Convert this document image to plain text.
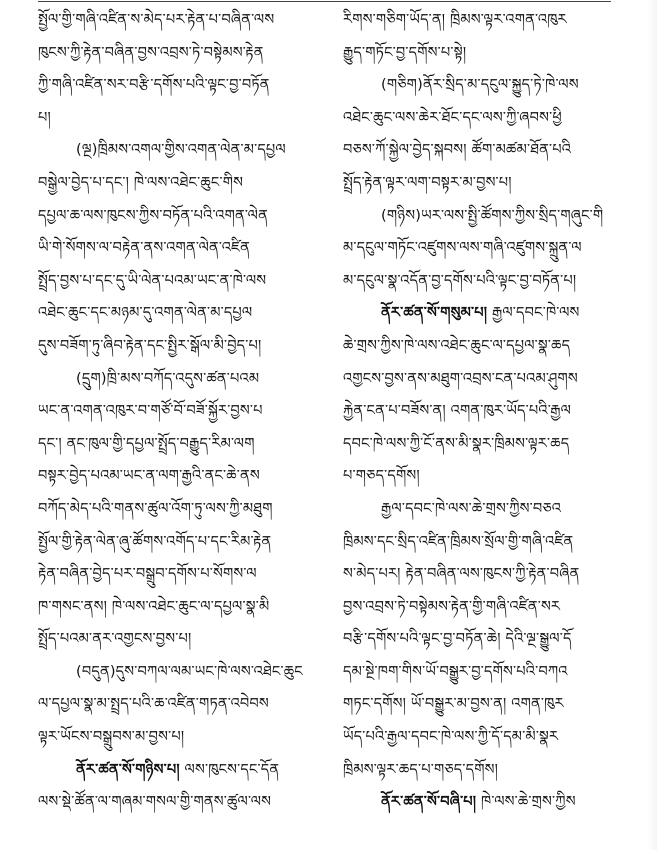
སྤྱོལ་གྱི་གཞི་འཛིན་ས་མེད་པར་རྟེན་པ་བཞིན་ལས
ཁུངས་ཀྱི་རྟེན་བཞིན་བྱས་འབྲས་ཏེ་བསྟེམས་རྟེན
ཀྱི་གཞི་འཛིན་སར་བརྩི་དགོས་པའི་ལྟང་བྱ་བཏོན
པ།
(ལྔ)ཁྲིམས་འགལ་གྱིས་འགན་ལེན་མ་དཔྱལ
བསྒྱེལ་བྱེད་པ་དང་། ཁེ་ལས་འཐེང་ཆུང་གིས
དཔྱལ་ཆ་ལས་ཁུངས་ཀྱིས་བཏོན་པའི་འགན་ལེན
ཡི་གེ་སོགས་ལ་བརྟེན་ནས་འགན་ལེན་འཛིན
སྤྲོད་བྱས་པ་དང་དུ་ཡི་ལེན་པའམ་ཡང་ན་ཁེ་ལས
འཐེང་ཆུང་དང་མཉམ་དུ་འགན་ལེན་མ་དཔྱལ
དུས་བཟོག་ཏུ་ཞིབ་རྟེན་དང་སྤྱིར་སྒོལ་མི་བྱེད་པ།
(དྲུག)ཁྲི་མས་བཀོད་འདུས་ཚན་པའམ
ཡང་ན་འགན་འཁུར་བ་གཙོ་བོ་བཟོ་སྐྱོར་བྱས་པ
དང་། ནང་ཁུལ་གྱི་དཔྱལ་སྤྲོད་བརྒྱུད་རིམ་ལག
བསྟར་བྱེད་པའམ་ཡང་ན་ལག་རྒྱའི་ནང་ཆེ་ནས
བཀོད་མེད་པའི་གནས་ཚུལ་འོག་ཏུ་ལས་ཀྱི་མཐུག
སྤྱོལ་གྱི་རྟེན་ལེན་ཞུ་ཚོགས་འགོད་པ་དང་རིམ་རྟེན
རྟེན་བཞིན་བྱེད་པར་བསྒྲུབ་དགོས་པ་སོགས་ལ
ཁ་གསང་ནས། ཁེ་ལས་འཐེང་ཆུང་ལ་དཔྱལ་སྣ་མི
སྤྲོད་པའམ་ནར་འགྱངས་བྱས་པ།
(བདུན)དུས་བཀལ་ལམ་ཡང་ཁེ་ལས་འཐེང་ཆུང
ལ་དཔྱལ་སྣ་མ་སྤྲད་པའི་ཆ་འཛིན་གཏན་འབེབས
ལྟར་ཡོངས་བསྒྲུབས་མ་བྱས་པ།
ནོར་ཚན་སོ་གཉིས་པ། ལས་ཁུངས་དང་དོན
ལས་སྡེ་ཚོན་ལ་གཞམ་གསལ་གྱི་གནས་ཚུལ་ལས
རིགས་གཅིག་ཡོད་ན། ཁྲིམས་ལྟར་འགན་འཁུར
རྒྱུད་གཏོང་བྱ་དགོས་པ་སྟེ།
(གཅིག)ནོར་སྲིད་མ་དངུལ་སྐྱུད་ཏེ་ཁེ་ལས
འཐེང་ཆུང་ལས་ཆེར་ཐོང་དང་ལས་ཀྱི་ཞབས་ཕྱི
བཅས་ཀོ་སྐྱེལ་བྱེད་སྐབས། ཚོག་མཚམ་ཐོན་པའི
སྤྲོད་རྟེན་ལྟར་ལག་བསྟར་མ་བྱས་པ།
(གཉིས)ཡར་ལས་སྤྱི་ཚོགས་ཀྱིས་སྲིད་གཞུང་གི
མ་དངུལ་གཏོང་འཛུགས་ལས་གཞི་འཛུགས་སྐྲུན་ལ
མ་དངུལ་སྣ་འདོན་བྱ་དགོས་པའི་ལྟང་བྱ་བཏོན་པ།
ནོར་ཚན་སོ་གསུམ་པ། རྒྱལ་དབང་ཁེ་ལས
ཆེ་གྲས་ཀྱིས་ཁེ་ལས་འཐེང་ཆུང་ལ་དཔྱལ་སྣ་ཆད
འགྱངས་བྱས་ནས་མཐུག་འབྲས་ངན་པའམ་ཤུགས
རྐྱེན་ངན་པ་བཟོས་ན། འགན་ཁུར་ཡོད་པའི་རྒྱལ
དབང་ཁེ་ལས་ཀྱི་ངོ་ནས་མི་སྣར་ཁྲིམས་ལྟར་ཆད
པ་གཅད་དགོས།
རྒྱལ་དབང་ཁེ་ལས་ཆེ་གྲས་ཀྱིས་བཅའ
ཁྲིམས་དང་སྲིད་འཛིན་ཁྲིམས་སྲོལ་གྱི་གཞི་འཛིན
ས་མེད་པར། རྟེན་བཞིན་ལས་ཁུངས་ཀྱི་རྟེན་བཞིན
བྱས་འབྲས་ཏེ་བསྟེམས་རྟེན་གྱི་གཞི་འཛིན་སར
བརྩི་དགོས་པའི་ལྟང་བྱ་བཏོན་ཆེ། དེའི་ལྔ་སྒྱུལ་དོ
དམ་སྔེ་ཁག་གིས་ཡོ་བསྒྱུར་བྱ་དགོས་པའི་བཀའ
གཏང་དགོས། ཡོ་བསྒྱུར་མ་བྱས་ན། འགན་ཁུར
ཡོད་པའི་རྒྱལ་དབང་ཁེ་ལས་ཀྱི་དོ་དམ་མི་སྣར
ཁྲིམས་ལྟར་ཆད་པ་གཅད་དགོས།
ནོར་ཚན་སོ་བཞི་པ། ཁེ་ལས་ཆེ་གྲས་ཀྱིས
